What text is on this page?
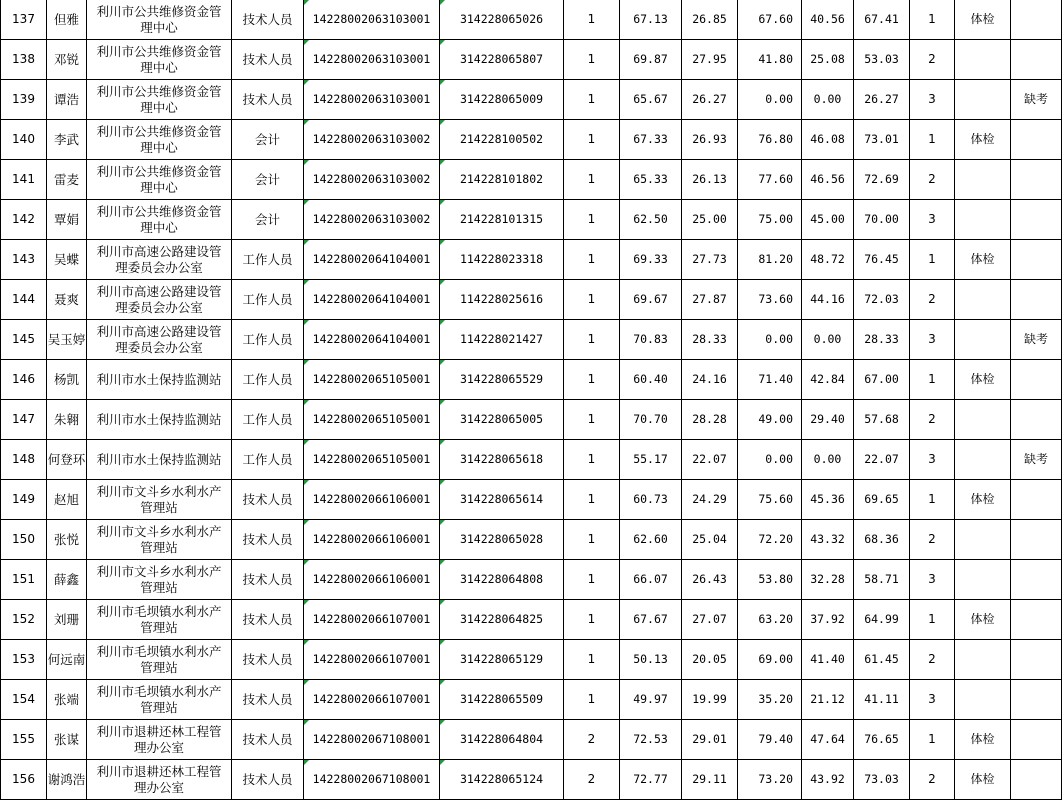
137	但雅	利川市公共维修资金管理中心	技术人员	14228002063103001	314228065026	1	67.13	26.85	67.60	40.56	67.41	1	体检	
138	邓锐	利川市公共维修资金管理中心	技术人员	14228002063103001	314228065807	1	69.87	27.95	41.80	25.08	53.03	2		
139	谭浩	利川市公共维修资金管理中心	技术人员	14228002063103001	314228065009	1	65.67	26.27	0.00	0.00	26.27	3		缺考
140	李武	利川市公共维修资金管理中心	会计	14228002063103002	214228100502	1	67.33	26.93	76.80	46.08	73.01	1	体检	
141	雷麦	利川市公共维修资金管理中心	会计	14228002063103002	214228101802	1	65.33	26.13	77.60	46.56	72.69	2		
142	覃娟	利川市公共维修资金管理中心	会计	14228002063103002	214228101315	1	62.50	25.00	75.00	45.00	70.00	3		
143	吴蝶	利川市高速公路建设管理委员会办公室	工作人员	14228002064104001	114228023318	1	69.33	27.73	81.20	48.72	76.45	1	体检	
144	聂爽	利川市高速公路建设管理委员会办公室	工作人员	14228002064104001	114228025616	1	69.67	27.87	73.60	44.16	72.03	2		
145	吴玉婷	利川市高速公路建设管理委员会办公室	工作人员	14228002064104001	114228021427	1	70.83	28.33	0.00	0.00	28.33	3		缺考
146	杨凯	利川市水土保持监测站	工作人员	14228002065105001	314228065529	1	60.40	24.16	71.40	42.84	67.00	1	体检	
147	朱翱	利川市水土保持监测站	工作人员	14228002065105001	314228065005	1	70.70	28.28	49.00	29.40	57.68	2		
148	何登环	利川市水土保持监测站	工作人员	14228002065105001	314228065618	1	55.17	22.07	0.00	0.00	22.07	3		缺考
149	赵旭	利川市文斗乡水利水产管理站	技术人员	14228002066106001	314228065614	1	60.73	24.29	75.60	45.36	69.65	1	体检	
150	张悦	利川市文斗乡水利水产管理站	技术人员	14228002066106001	314228065028	1	62.60	25.04	72.20	43.32	68.36	2		
151	薛鑫	利川市文斗乡水利水产管理站	技术人员	14228002066106001	314228064808	1	66.07	26.43	53.80	32.28	58.71	3		
152	刘珊	利川市毛坝镇水利水产管理站	技术人员	14228002066107001	314228064825	1	67.67	27.07	63.20	37.92	64.99	1	体检	
153	何远南	利川市毛坝镇水利水产管理站	技术人员	14228002066107001	314228065129	1	50.13	20.05	69.00	41.40	61.45	2		
154	张端	利川市毛坝镇水利水产管理站	技术人员	14228002066107001	314228065509	1	49.97	19.99	35.20	21.12	41.11	3		
155	张谋	利川市退耕还林工程管理办公室	技术人员	14228002067108001	314228064804	2	72.53	29.01	79.40	47.64	76.65	1	体检	
156	谢鸿浩	利川市退耕还林工程管理办公室	技术人员	14228002067108001	314228065124	2	72.77	29.11	73.20	43.92	73.03	2	体检	
